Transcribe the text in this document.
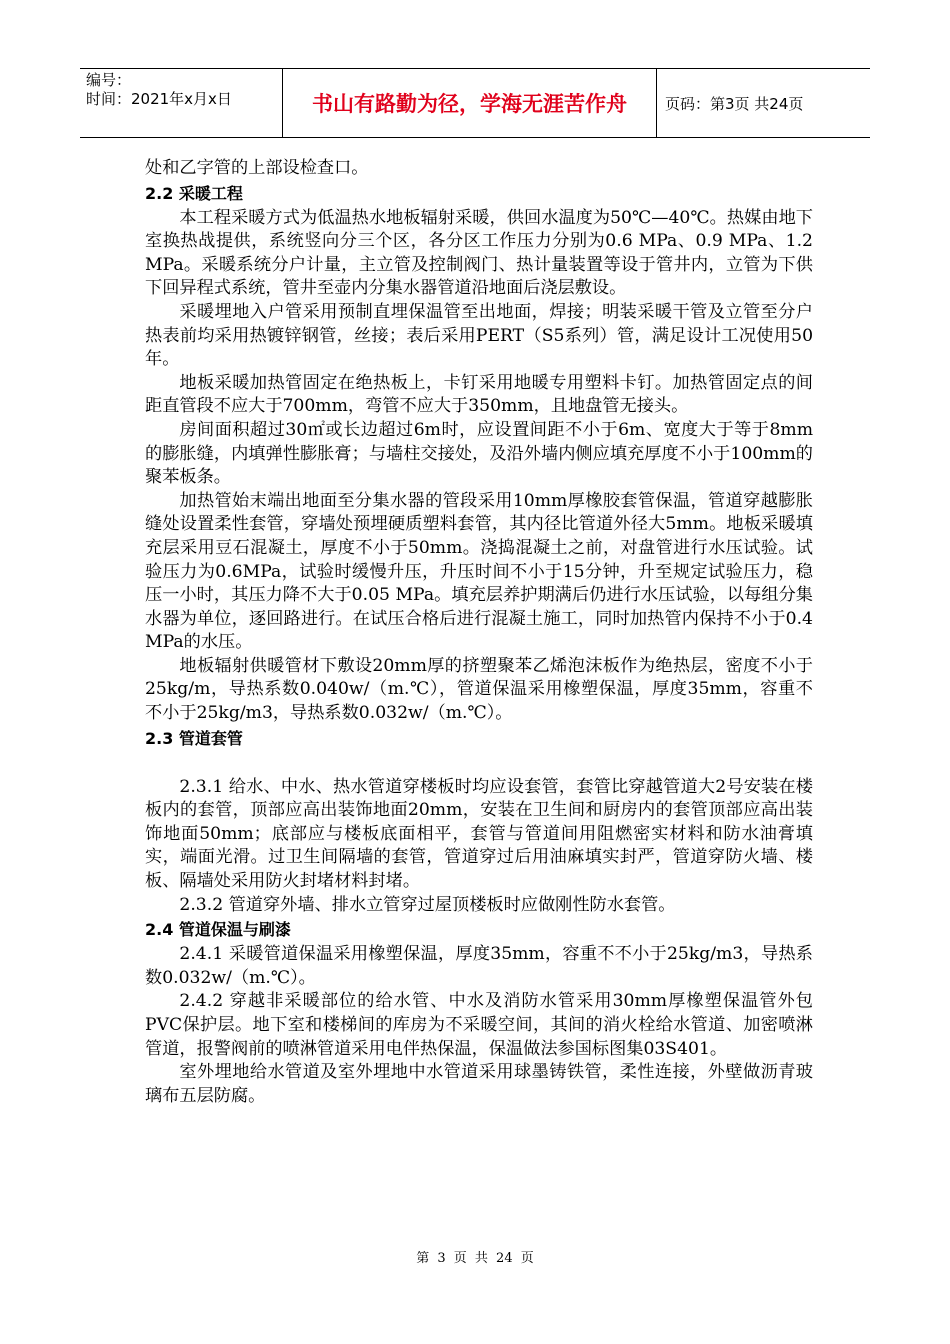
编号：
时间：2021年x月x日	书山有路勤为径，学海无涯苦作舟	页码：第3页 共24页

处和乙字管的上部设检查口。

2.2 采暖工程

本工程采暖方式为低温热水地板辐射采暖，供回水温度为50℃—40℃。热媒由地下室换热战提供，系统竖向分三个区，各分区工作压力分别为0.6 MPa、0.9 MPa、1.2 MPa。采暖系统分户计量，主立管及控制阀门、热计量装置等设于管井内，立管为下供下回异程式系统，管井至壶内分集水器管道沿地面后浇层敷设。

采暖埋地入户管采用预制直埋保温管至出地面，焊接；明装采暖干管及立管至分户热表前均采用热镀锌钢管，丝接；表后采用PERT（S5系列）管，满足设计工况使用50年。

地板采暖加热管固定在绝热板上，卡钉采用地暖专用塑料卡钉。加热管固定点的间距直管段不应大于700mm，弯管不应大于350mm，且地盘管无接头。

房间面积超过30㎡或长边超过6m时，应设置间距不小于6m、宽度大于等于8mm的膨胀缝，内填弹性膨胀膏；与墙柱交接处，及沿外墙内侧应填充厚度不小于100mm的聚苯板条。

加热管始末端出地面至分集水器的管段采用10mm厚橡胶套管保温，管道穿越膨胀缝处设置柔性套管，穿墙处预埋硬质塑料套管，其内径比管道外径大5mm。地板采暖填充层采用豆石混凝土，厚度不小于50mm。浇捣混凝土之前，对盘管进行水压试验。试验压力为0.6MPa，试验时缓慢升压，升压时间不小于15分钟，升至规定试验压力，稳压一小时，其压力降不大于0.05 MPa。填充层养护期满后仍进行水压试验，以每组分集水器为单位，逐回路进行。在试压合格后进行混凝土施工，同时加热管内保持不小于0.4 MPa的水压。

地板辐射供暖管材下敷设20mm厚的挤塑聚苯乙烯泡沫板作为绝热层，密度不小于25kg/m，导热系数0.040w/（m.℃），管道保温采用橡塑保温，厚度35mm，容重不不小于25kg/m3，导热系数0.032w/（m.℃）。

2.3 管道套管

2.3.1 给水、中水、热水管道穿楼板时均应设套管，套管比穿越管道大2号安装在楼板内的套管，顶部应高出装饰地面20mm，安装在卫生间和厨房内的套管顶部应高出装饰地面50mm；底部应与楼板底面相平，套管与管道间用阻燃密实材料和防水油膏填实，端面光滑。过卫生间隔墙的套管，管道穿过后用油麻填实封严，管道穿防火墙、楼板、隔墙处采用防火封堵材料封堵。

2.3.2 管道穿外墙、排水立管穿过屋顶楼板时应做刚性防水套管。

2.4 管道保温与刷漆

2.4.1 采暖管道保温采用橡塑保温，厚度35mm，容重不不小于25kg/m3，导热系数0.032w/（m.℃）。

2.4.2 穿越非采暖部位的给水管、中水及消防水管采用30mm厚橡塑保温管外包PVC保护层。地下室和楼梯间的库房为不采暖空间，其间的消火栓给水管道、加密喷淋管道，报警阀前的喷淋管道采用电伴热保温，保温做法参国标图集03S401。

室外埋地给水管道及室外埋地中水管道采用球墨铸铁管，柔性连接，外壁做沥青玻璃布五层防腐。

第 3 页 共 24 页
